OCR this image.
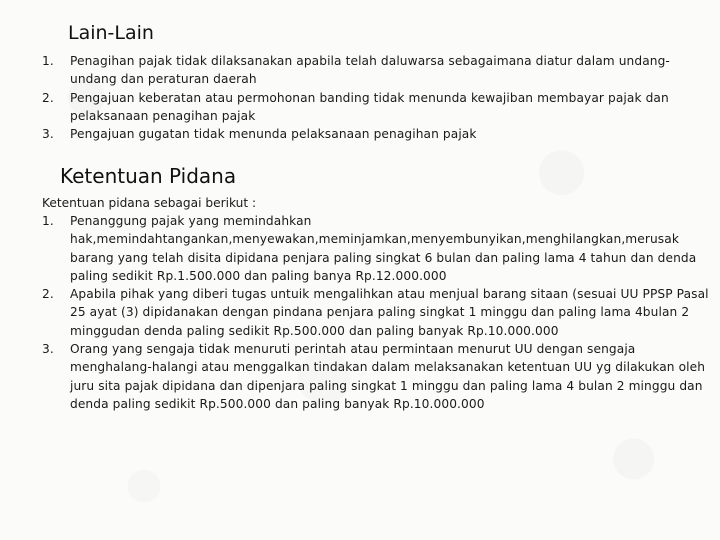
Lain-Lain
1.	Penagihan pajak tidak dilaksanakan apabila telah daluwarsa sebagaimana diatur dalam undang-undang dan peraturan daerah
2.	Pengajuan keberatan atau permohonan banding tidak menunda kewajiban membayar pajak dan pelaksanaan penagihan pajak
3.	Pengajuan gugatan tidak menunda pelaksanaan penagihan pajak
Ketentuan Pidana

Ketentuan pidana sebagai berikut :

1.	Penanggung pajak yang memindahkan hak,memindahtangankan,menyewakan,meminjamkan,menyembunyikan,menghilangkan,merusak barang yang telah disita dipidana penjara paling singkat 6 bulan dan paling lama 4 tahun dan denda paling sedikit Rp.1.500.000 dan paling banya Rp.12.000.000
2.	Apabila pihak yang diberi tugas untuik mengalihkan atau menjual barang sitaan (sesuai UU PPSP Pasal 25 ayat (3) dipidanakan dengan pindana penjara paling singkat 1 minggu dan paling lama 4bulan 2 minggudan denda paling sedikit Rp.500.000 dan paling banyak Rp.10.000.000
3.	Orang yang sengaja tidak menuruti perintah atau permintaan menurut UU dengan sengaja menghalang-halangi atau menggalkan tindakan dalam melaksanakan ketentuan UU yg dilakukan oleh juru sita pajak dipidana dan dipenjara paling singkat 1 minggu dan paling lama 4 bulan 2 minggu dan denda paling sedikit Rp.500.000 dan paling banyak Rp.10.000.000
